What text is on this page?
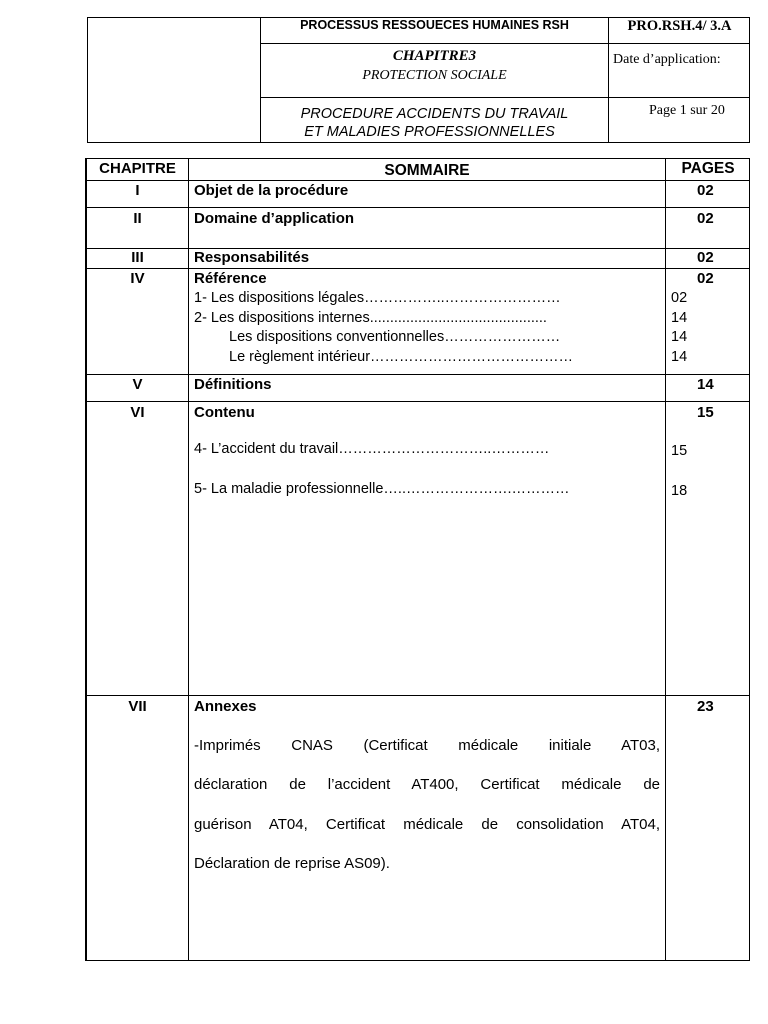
PROCESSUS RESSOUECES HUMAINES RSH	PRO.RSH.4/ 3.A
CHAPITRE3
PROTECTION SOCIALE
Date d’application:
PROCEDURE ACCIDENTS DU TRAVAIL
ET MALADIES PROFESSIONNELLES
Page 1 sur 20
CHAPITRE	SOMMAIRE	PAGES
I	Objet de la procédure	02
II	Domaine d’application	02
III	Responsabilités	02
IV	Référence	02
1- Les dispositions légales……………..……………………	02
2- Les dispositions internes............................................	14
Les dispositions conventionnelles……………………	14
Le règlement intérieur……………………………………	14
V	Définitions	14
VI	Contenu	15
4- L’accident du travail…………………………..…………	15
5- La maladie professionnelle…..………………….…………	18
VII	Annexes	23
-Imprimés CNAS (Certificat médicale initiale AT03,
déclaration de l’accident AT400, Certificat médicale de
guérison AT04, Certificat médicale de consolidation AT04,
Déclaration de reprise AS09).
